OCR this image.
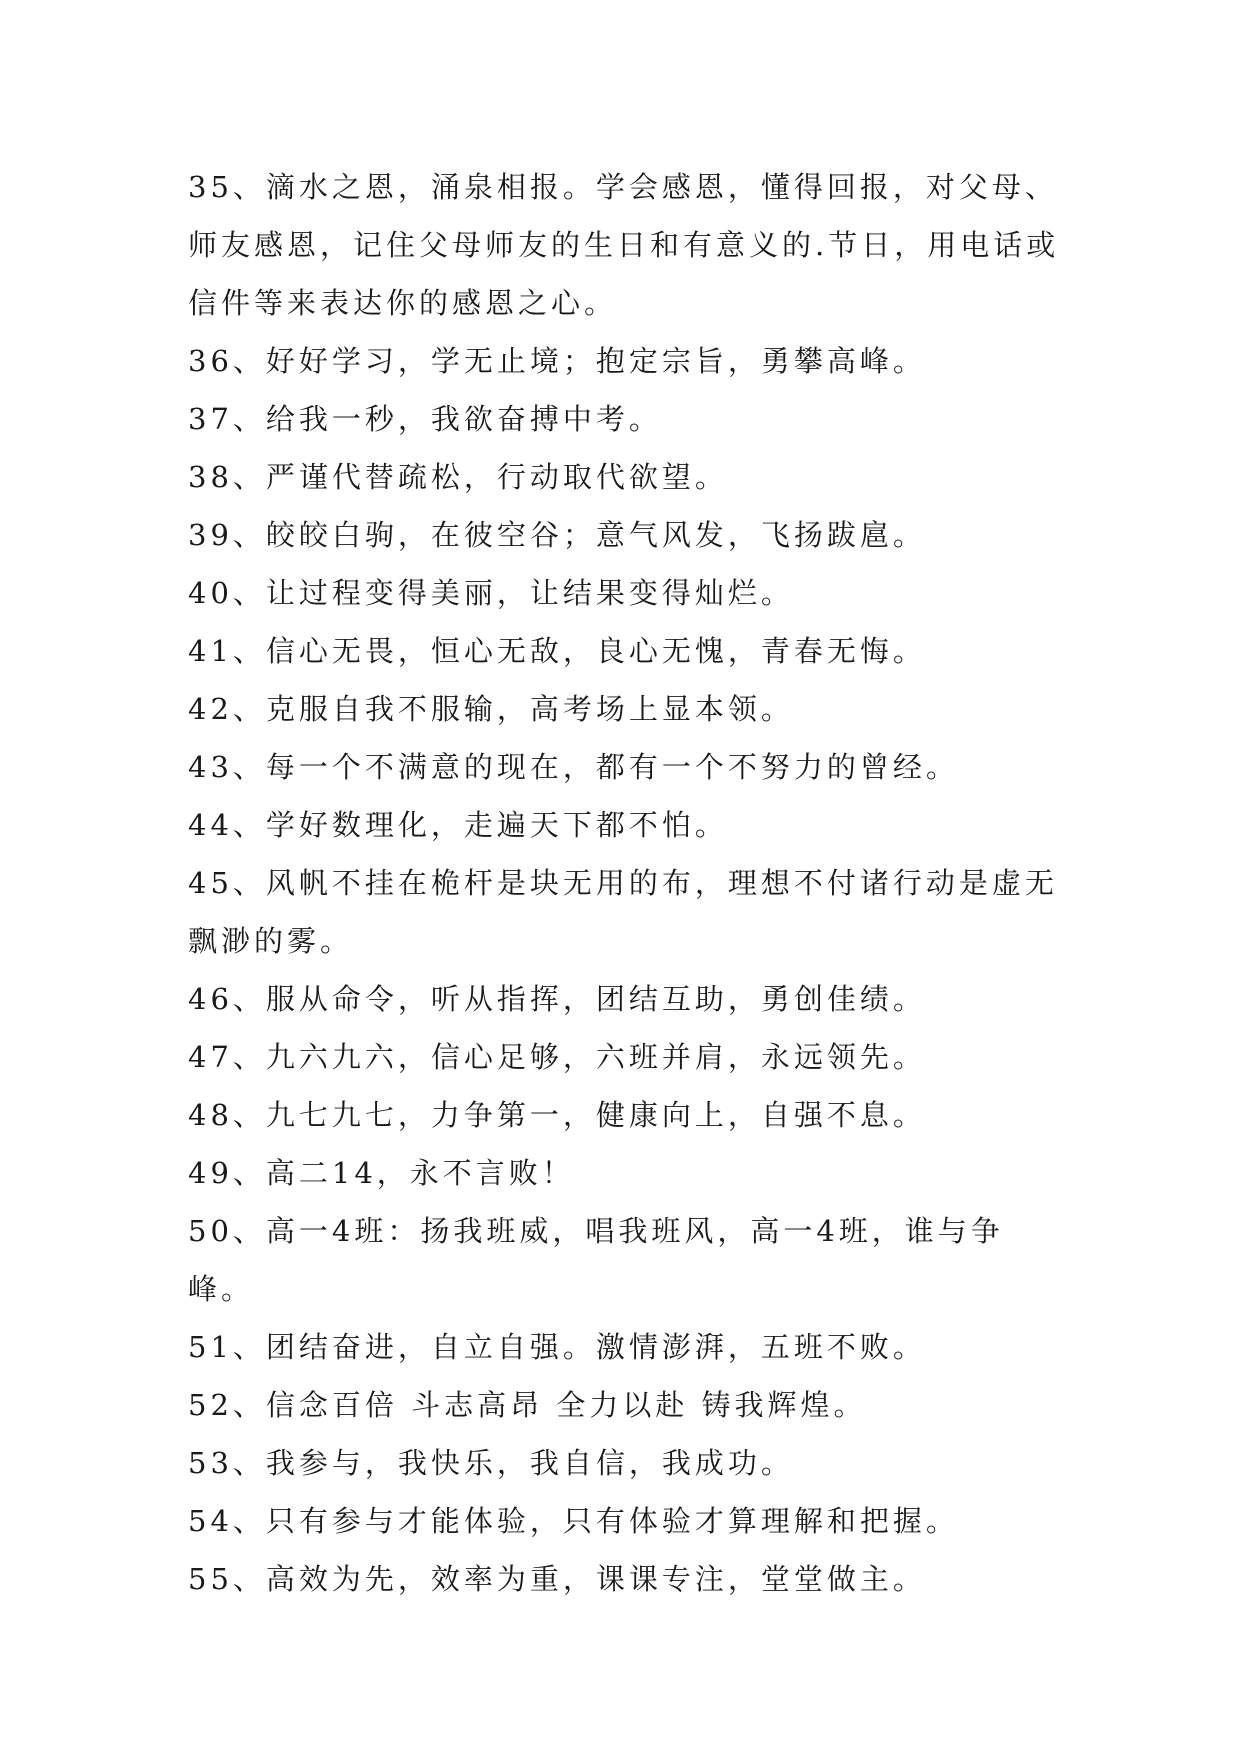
35、滴水之恩，涌泉相报。学会感恩，懂得回报，对父母、师友感恩，记住父母师友的生日和有意义的.节日，用电话或信件等来表达你的感恩之心。

36、好好学习，学无止境；抱定宗旨，勇攀高峰。

37、给我一秒，我欲奋搏中考。

38、严谨代替疏松，行动取代欲望。

39、皎皎白驹，在彼空谷；意气风发，飞扬跋扈。

40、让过程变得美丽，让结果变得灿烂。

41、信心无畏，恒心无敌，良心无愧，青春无悔。

42、克服自我不服输，高考场上显本领。

43、每一个不满意的现在，都有一个不努力的曾经。

44、学好数理化，走遍天下都不怕。

45、风帆不挂在桅杆是块无用的布，理想不付诸行动是虚无飘渺的雾。

46、服从命令，听从指挥，团结互助，勇创佳绩。

47、九六九六，信心足够，六班并肩，永远领先。

48、九七九七，力争第一，健康向上，自强不息。

49、高二14，永不言败！

50、高一4班：扬我班威，唱我班风，高一4班，谁与争峰。

51、团结奋进，自立自强。激情澎湃，五班不败。

52、信念百倍 斗志高昂 全力以赴 铸我辉煌。

53、我参与，我快乐，我自信，我成功。

54、只有参与才能体验，只有体验才算理解和把握。

55、高效为先，效率为重，课课专注，堂堂做主。
